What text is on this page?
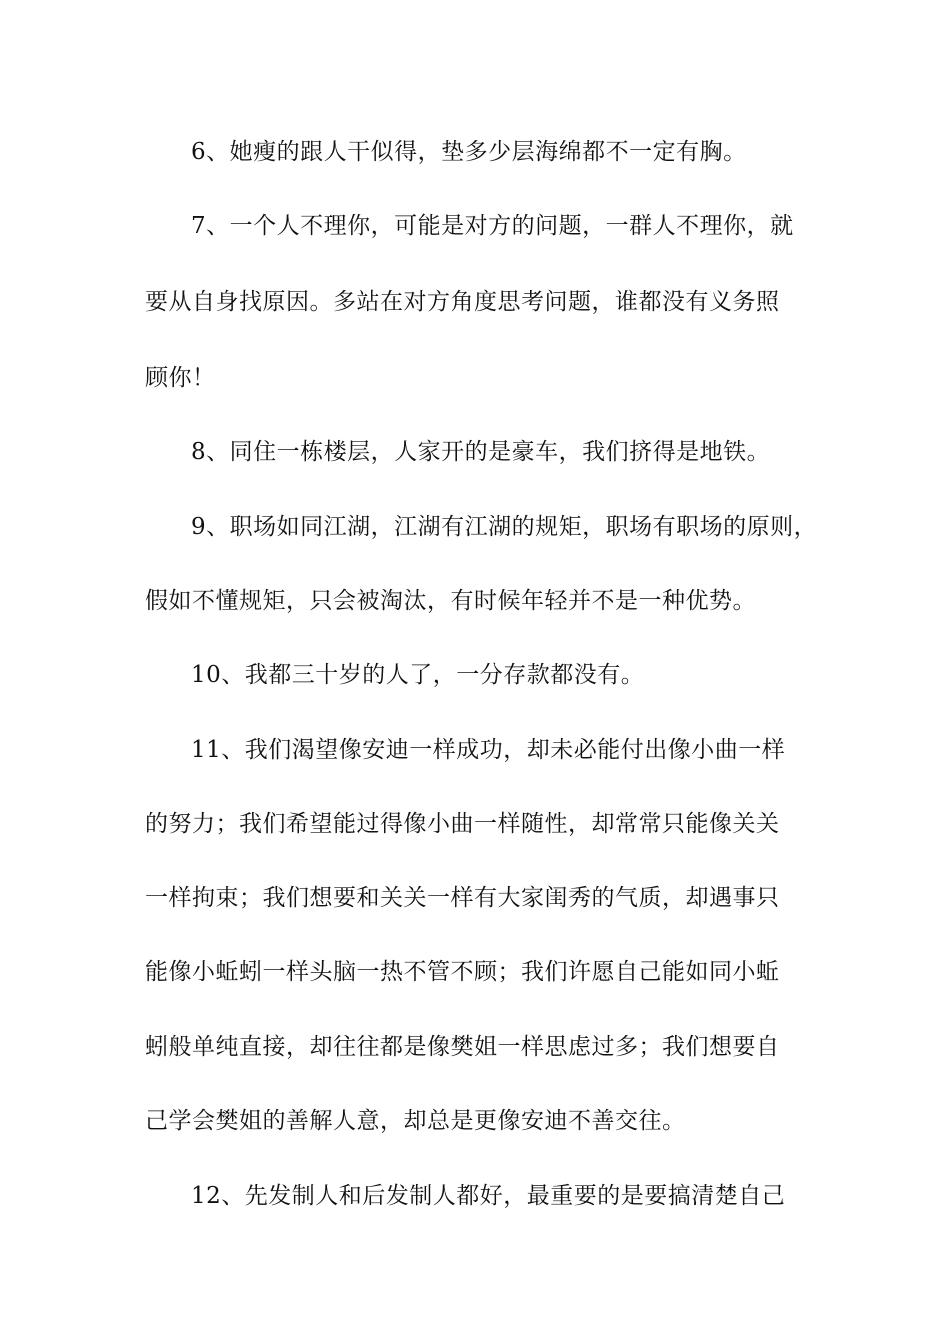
6、她瘦的跟人干似得，垫多少层海绵都不一定有胸。
7、一个人不理你，可能是对方的问题，一群人不理你，就
要从自身找原因。多站在对方角度思考问题，谁都没有义务照
顾你！
8、同住一栋楼层，人家开的是豪车，我们挤得是地铁。
9、职场如同江湖，江湖有江湖的规矩，职场有职场的原则，
假如不懂规矩，只会被淘汰，有时候年轻并不是一种优势。
10、我都三十岁的人了，一分存款都没有。
11、我们渴望像安迪一样成功，却未必能付出像小曲一样
的努力；我们希望能过得像小曲一样随性，却常常只能像关关
一样拘束；我们想要和关关一样有大家闺秀的气质，却遇事只
能像小蚯蚓一样头脑一热不管不顾；我们许愿自己能如同小蚯
蚓般单纯直接，却往往都是像樊姐一样思虑过多；我们想要自
己学会樊姐的善解人意，却总是更像安迪不善交往。
12、先发制人和后发制人都好，最重要的是要搞清楚自己
